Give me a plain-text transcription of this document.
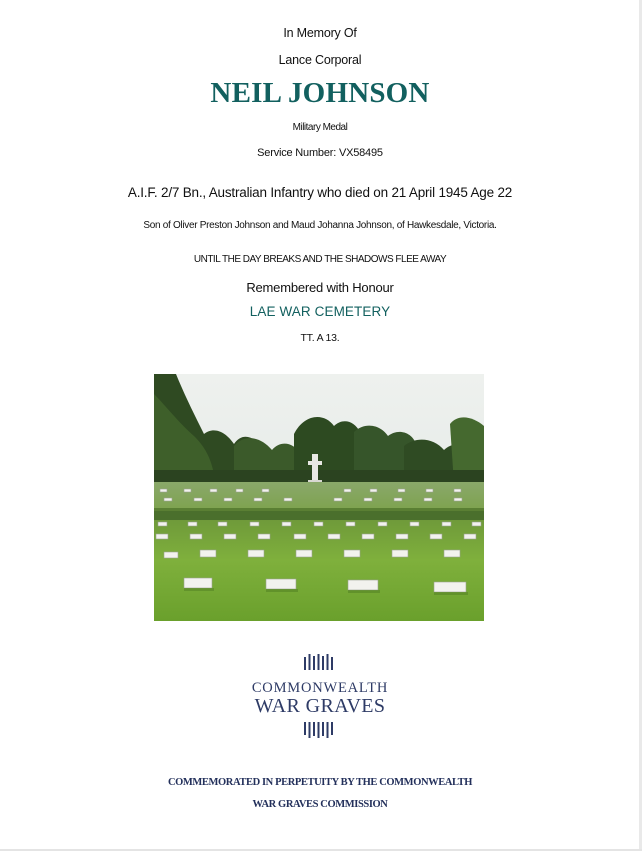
In Memory Of
Lance Corporal
NEIL JOHNSON
Military Medal
Service Number: VX58495
A.I.F. 2/7 Bn., Australian Infantry who died on 21 April 1945 Age 22
Son of Oliver Preston Johnson and Maud Johanna Johnson, of Hawkesdale, Victoria.
UNTIL THE DAY BREAKS AND THE SHADOWS FLEE AWAY
Remembered with Honour
LAE WAR CEMETERY
TT. A 13.
COMMONWEALTH
WAR GRAVES
COMMEMORATED IN PERPETUITY BY THE COMMONWEALTH
WAR GRAVES COMMISSION
